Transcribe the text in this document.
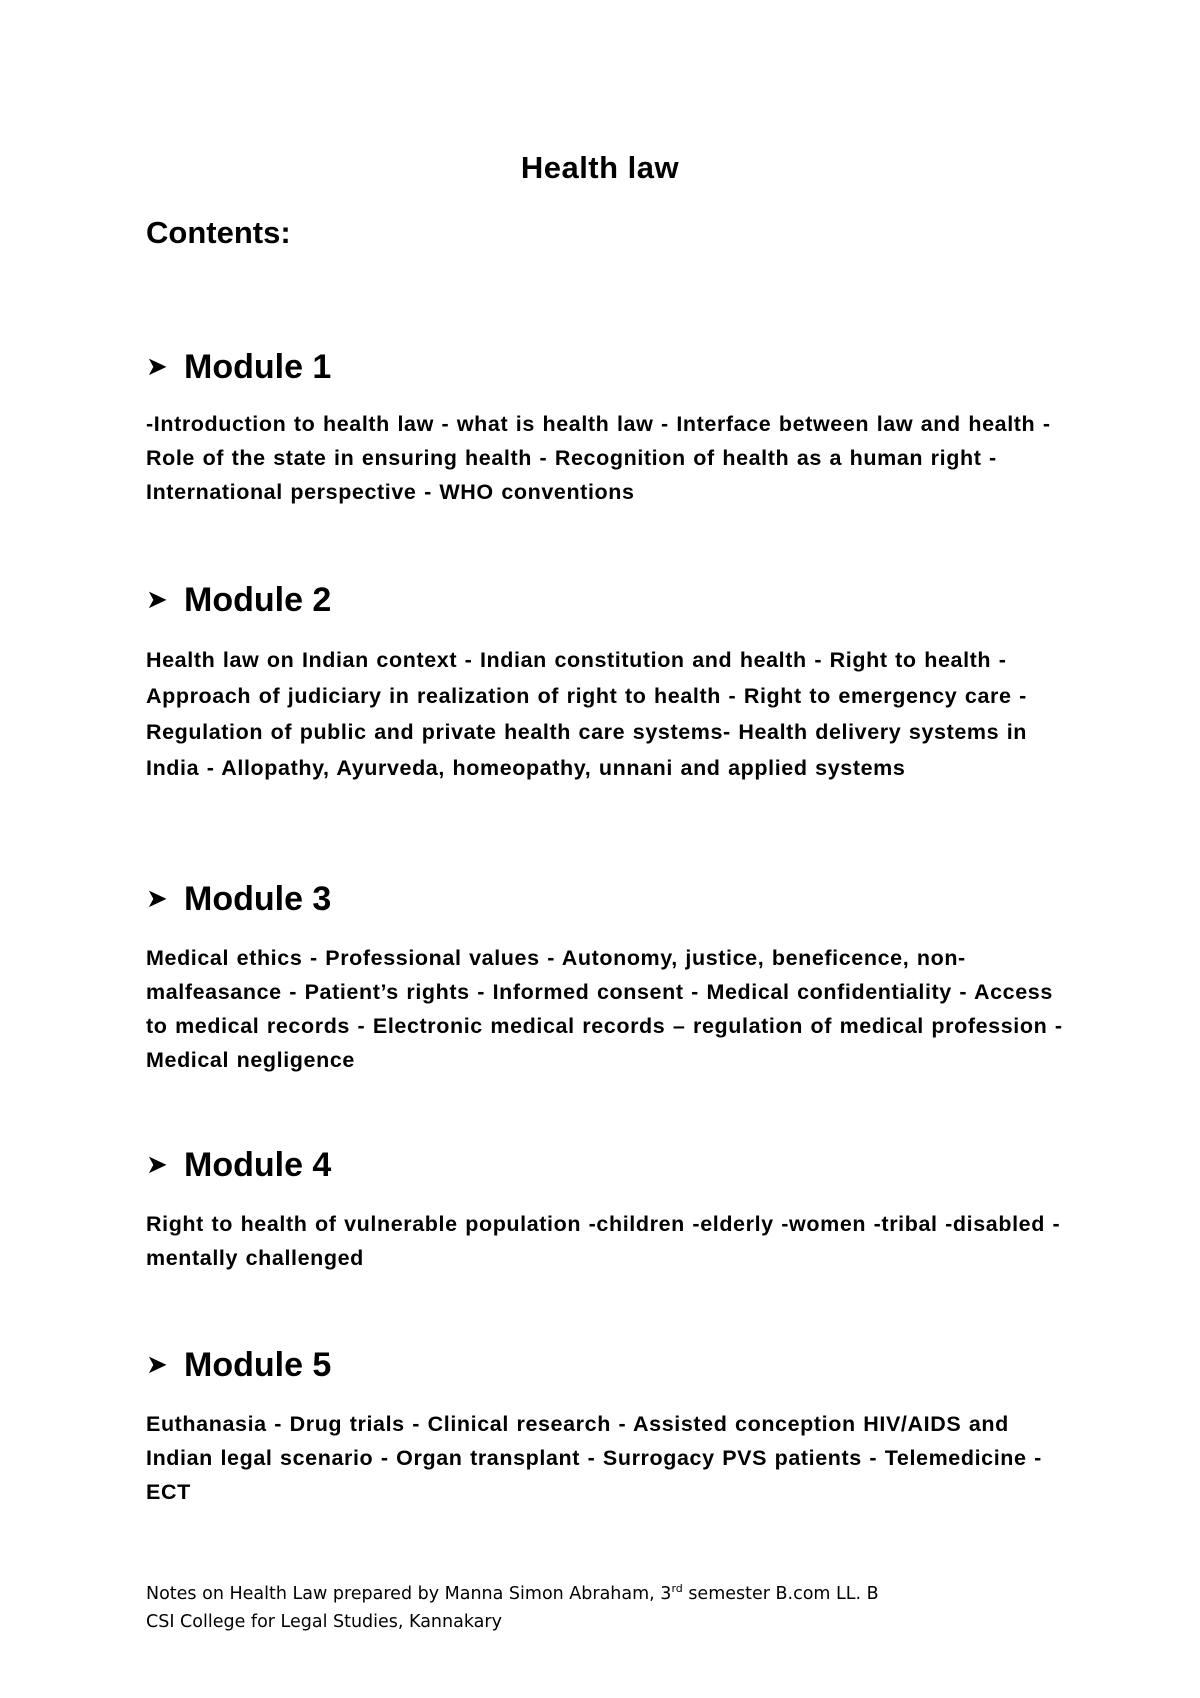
Health law
Contents:
➤ Module 1

-Introduction to health law - what is health law - Interface between law and health - Role of the state in ensuring health - Recognition of health as a human right - International perspective - WHO conventions

➤ Module 2

Health law on Indian context - Indian constitution and health - Right to health - Approach of judiciary in realization of right to health - Right to emergency care - Regulation of public and private health care systems- Health delivery systems in India - Allopathy, Ayurveda, homeopathy, unnani and applied systems

➤ Module 3

Medical ethics - Professional values - Autonomy, justice, beneficence, non-malfeasance - Patient’s rights - Informed consent - Medical confidentiality - Access to medical records - Electronic medical records – regulation of medical profession - Medical negligence

➤ Module 4

Right to health of vulnerable population -children -elderly -women -tribal -disabled -mentally challenged

➤ Module 5

Euthanasia - Drug trials - Clinical research - Assisted conception HIV/AIDS and Indian legal scenario - Organ transplant - Surrogacy PVS patients - Telemedicine - ECT

Notes on Health Law prepared by Manna Simon Abraham, 3rd semester B.com LL. B
CSI College for Legal Studies, Kannakary
